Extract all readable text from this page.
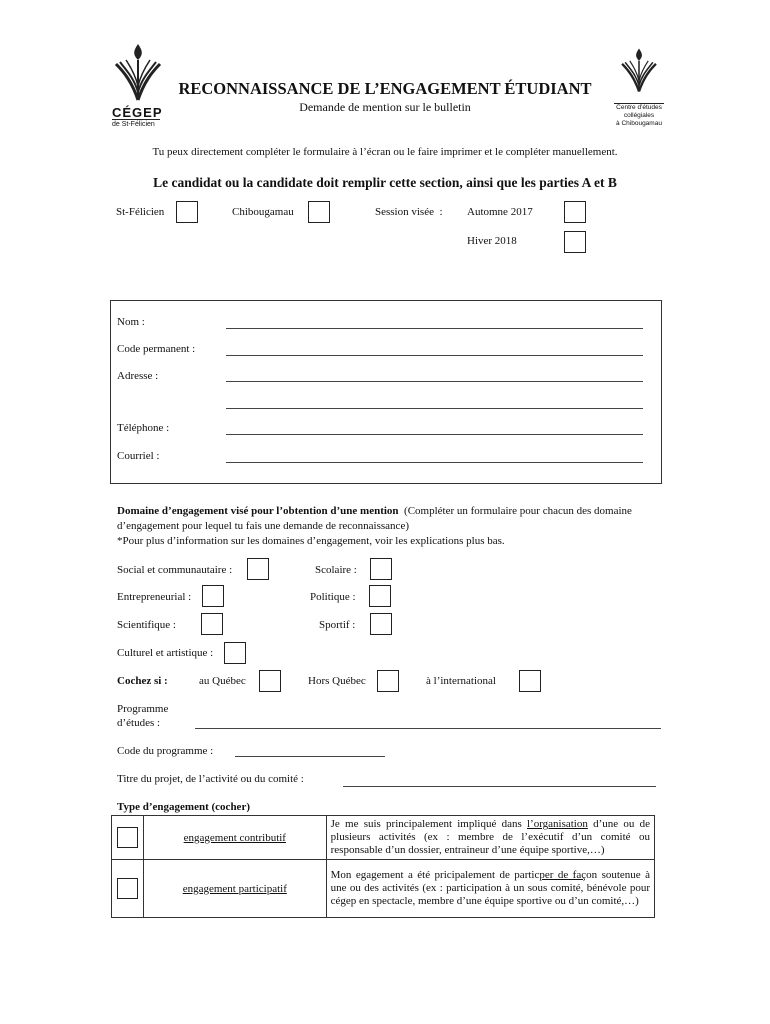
CÉGEP
de St-Félicien
Centre d'études
collégiales
à Chibougamau
RECONNAISSANCE DE L’ENGAGEMENT ÉTUDIANT
Demande de mention sur le bulletin
Tu peux directement compléter le formulaire à l’écran ou le faire imprimer et le compléter manuellement.
Le candidat ou la candidate doit remplir cette section, ainsi que les parties A et B
St-Félicien	Chibougamau	Session visée  : Automne 2017
Hiver 2018
Nom :
Code permanent :
Adresse :
Téléphone :
Courriel :
Domaine d’engagement visé pour l’obtention d’une mention  (Compléter un formulaire pour chacun des domaine
d’engagement pour lequel tu fais une demande de reconnaissance)
*Pour plus d’information sur les domaines d’engagement, voir les explications plus bas.
Social et communautaire :	Scolaire :
Entrepreneurial :	Politique :
Scientifique :	Sportif :
Culturel et artistique :
Cochez si :	au Québec	Hors Québec	à l’international
Programme
d’études :
Code du programme :
Titre du projet, de l’activité ou du comité :
Type d’engagement (cocher)
	engagement contributif	Je me suis principalement impliqué dans l’organisation d’une ou de plusieurs activités (ex : membre de l’exécutif d’un comité ou responsable d’un dossier, entraineur d’une équipe sportive,…)

	engagement participatif	Mon egagement a été pricipalement de particper de façon soutenue à une ou des activités (ex : participation à un sous comité, bénévole pour cégep en spectacle, membre d’une équipe sportive ou d’un comité,…)
